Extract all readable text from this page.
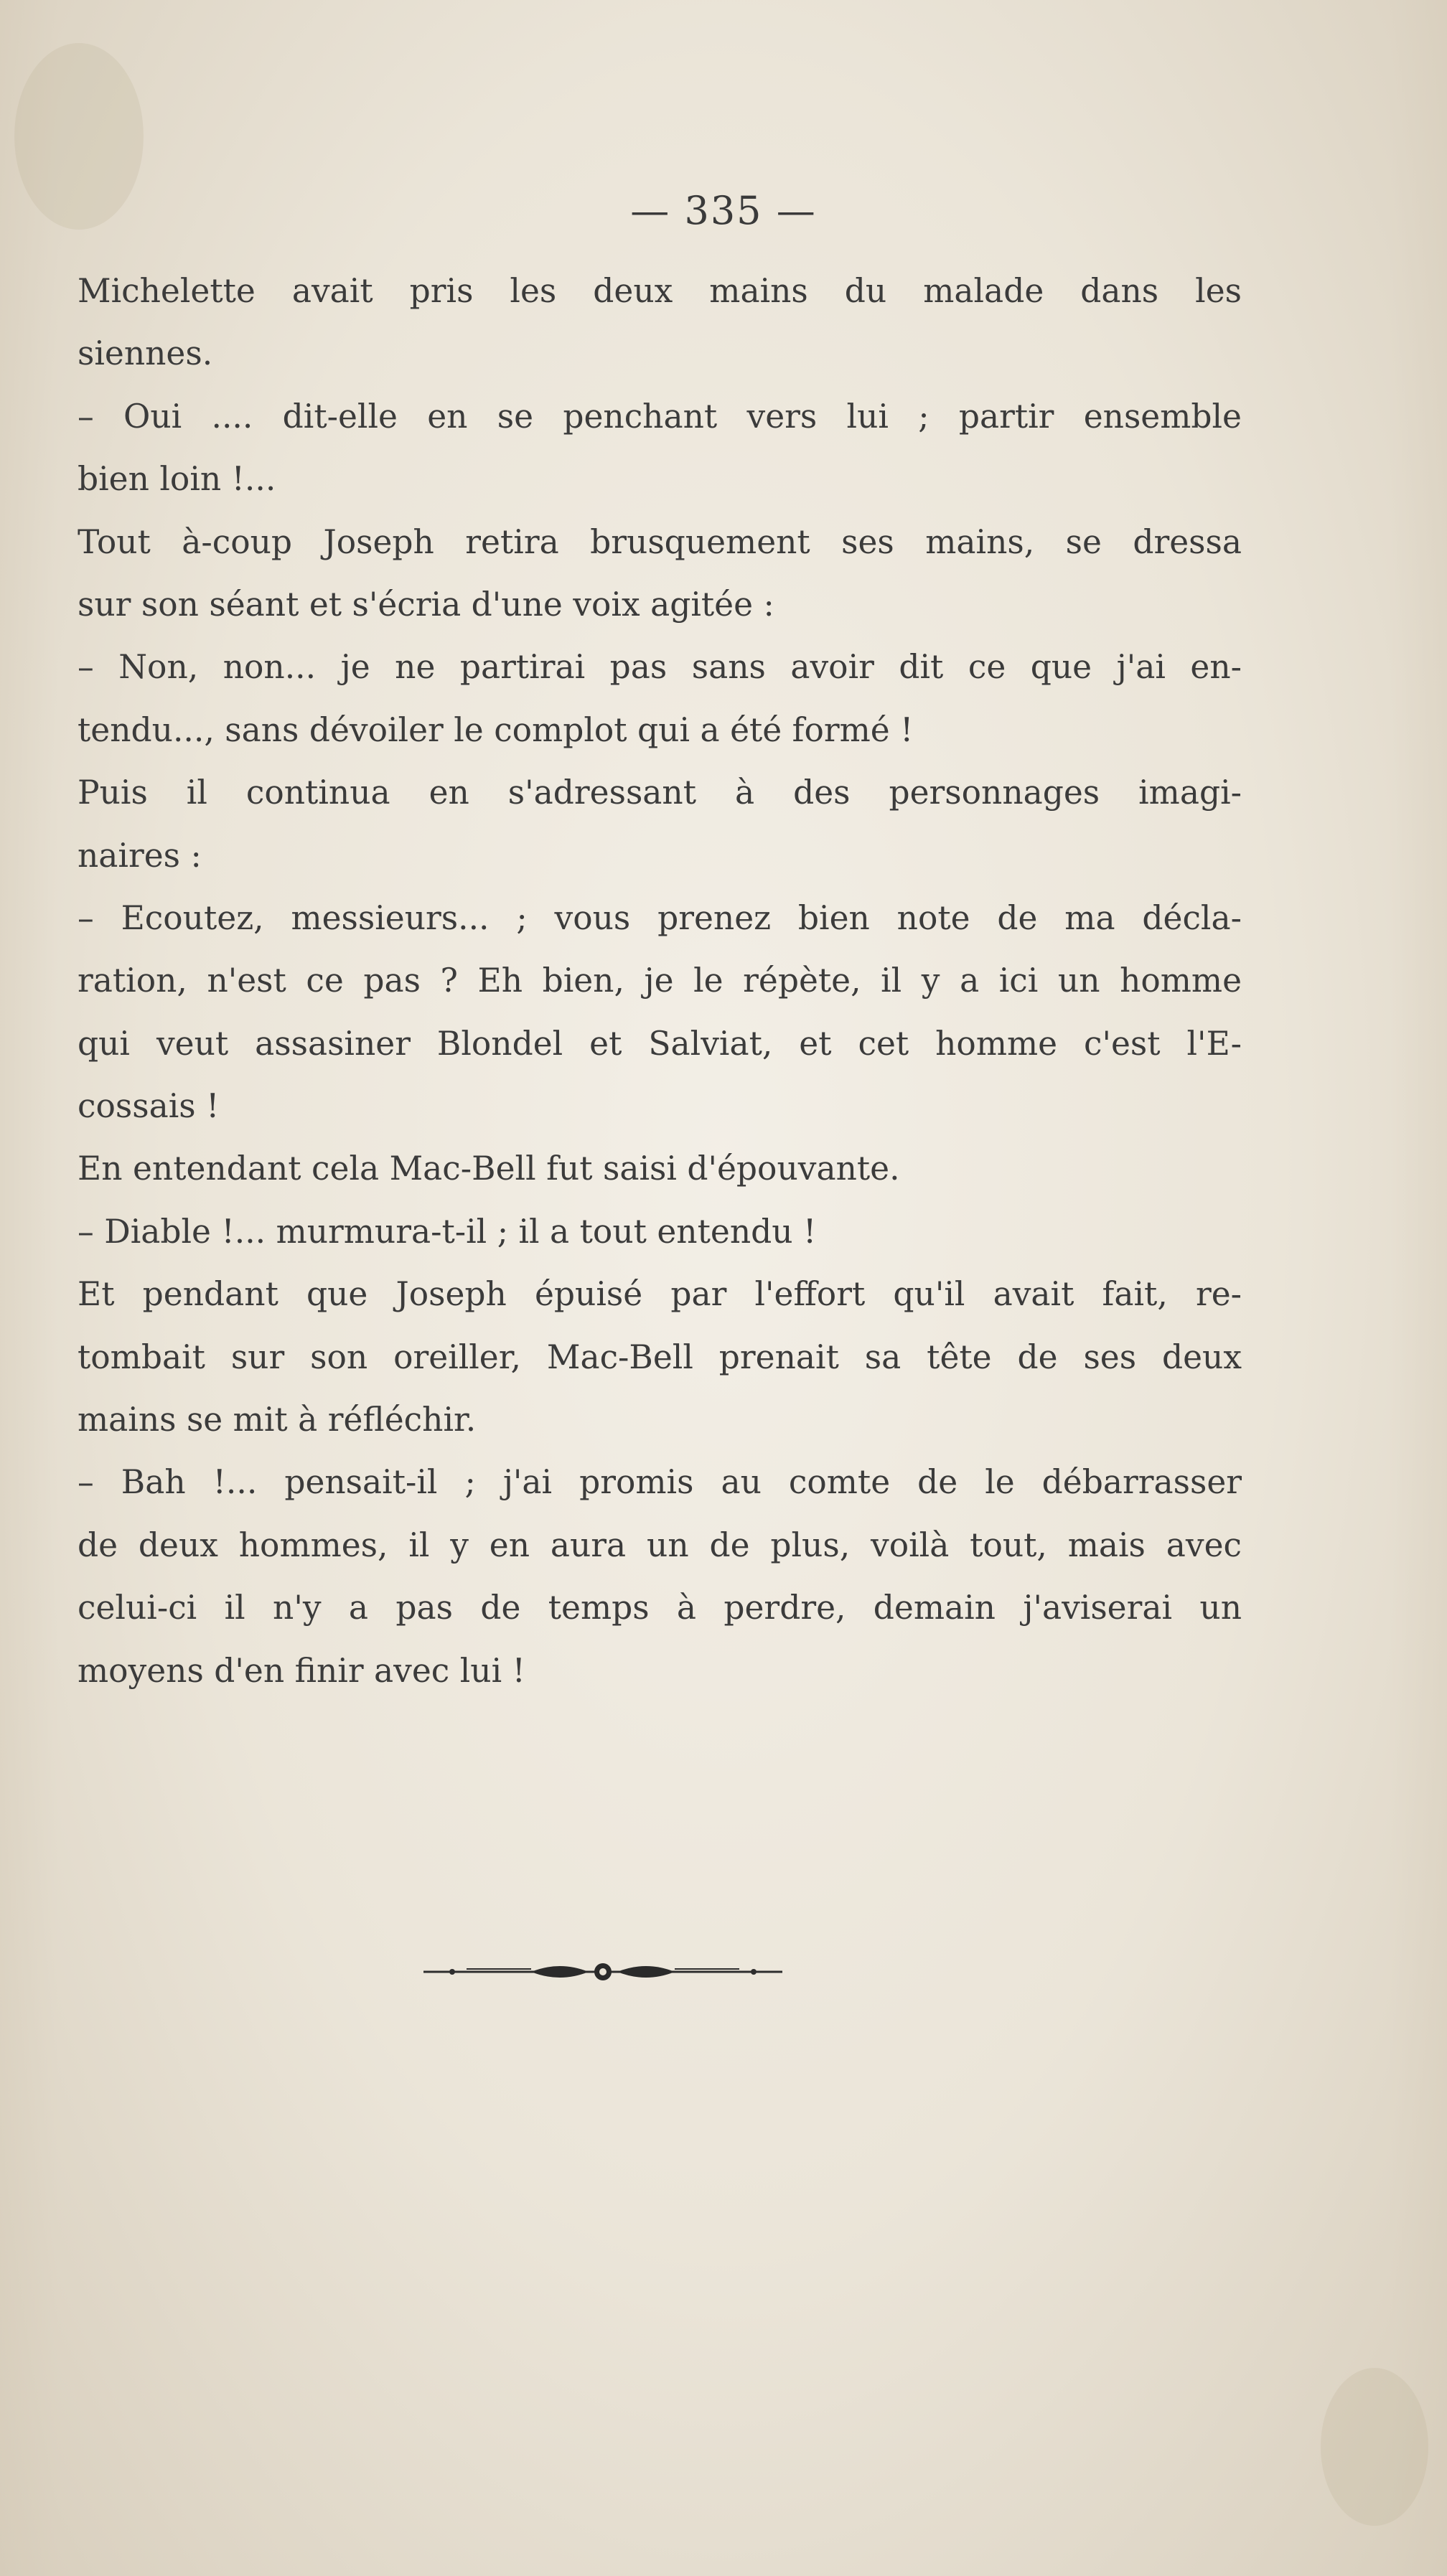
— 335 —
Michelette avait pris les deux mains du malade dans les
siennes.
– Oui .... dit-elle en se penchant vers lui ; partir ensemble
bien loin !...
Tout à-coup Joseph retira brusquement ses mains, se dressa
sur son séant et s'écria d'une voix agitée :
– Non, non... je ne partirai pas sans avoir dit ce que j'ai en-
tendu..., sans dévoiler le complot qui a été formé !
Puis il continua en s'adressant à des personnages imagi-
naires :
– Ecoutez, messieurs... ; vous prenez bien note de ma décla-
ration, n'est ce pas ? Eh bien, je le répète, il y a ici un homme
qui veut assasiner Blondel et Salviat, et cet homme c'est l'E-
cossais !
En entendant cela Mac-Bell fut saisi d'épouvante.
– Diable !... murmura-t-il ; il a tout entendu !
Et pendant que Joseph épuisé par l'effort qu'il avait fait, re-
tombait sur son oreiller, Mac-Bell prenait sa tête de ses deux
mains se mit à réfléchir.
– Bah !... pensait-il ; j'ai promis au comte de le débarrasser
de deux hommes, il y en aura un de plus, voilà tout, mais avec
celui-ci il n'y a pas de temps à perdre, demain j'aviserai un
moyens d'en finir avec lui !
